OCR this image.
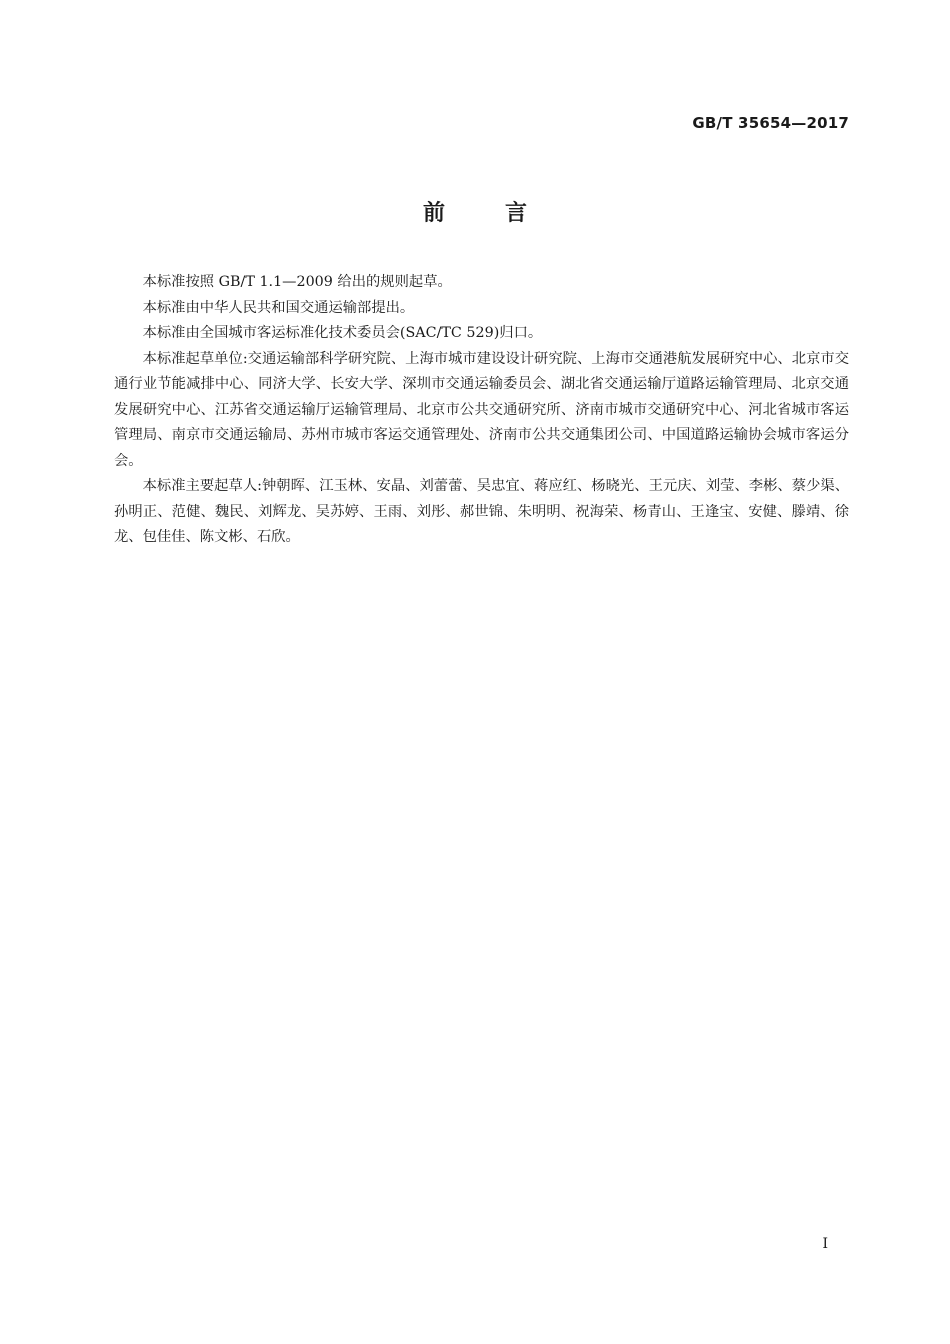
GB/T 35654—2017
前言

本标准按照 GB/T 1.1—2009 给出的规则起草。

本标准由中华人民共和国交通运输部提出。

本标准由全国城市客运标准化技术委员会(SAC/TC 529)归口。

本标准起草单位:交通运输部科学研究院、上海市城市建设设计研究院、上海市交通港航发展研究中心、北京市交通行业节能减排中心、同济大学、长安大学、深圳市交通运输委员会、湖北省交通运输厅道路运输管理局、北京交通发展研究中心、江苏省交通运输厅运输管理局、北京市公共交通研究所、济南市城市交通研究中心、河北省城市客运管理局、南京市交通运输局、苏州市城市客运交通管理处、济南市公共交通集团公司、中国道路运输协会城市客运分会。

本标准主要起草人:钟朝晖、江玉林、安晶、刘蕾蕾、吴忠宜、蒋应红、杨晓光、王元庆、刘莹、李彬、蔡少渠、孙明正、范健、魏民、刘辉龙、吴苏婷、王雨、刘彤、郝世锦、朱明明、祝海荣、杨青山、王逢宝、安健、滕靖、徐龙、包佳佳、陈文彬、石欣。

I
